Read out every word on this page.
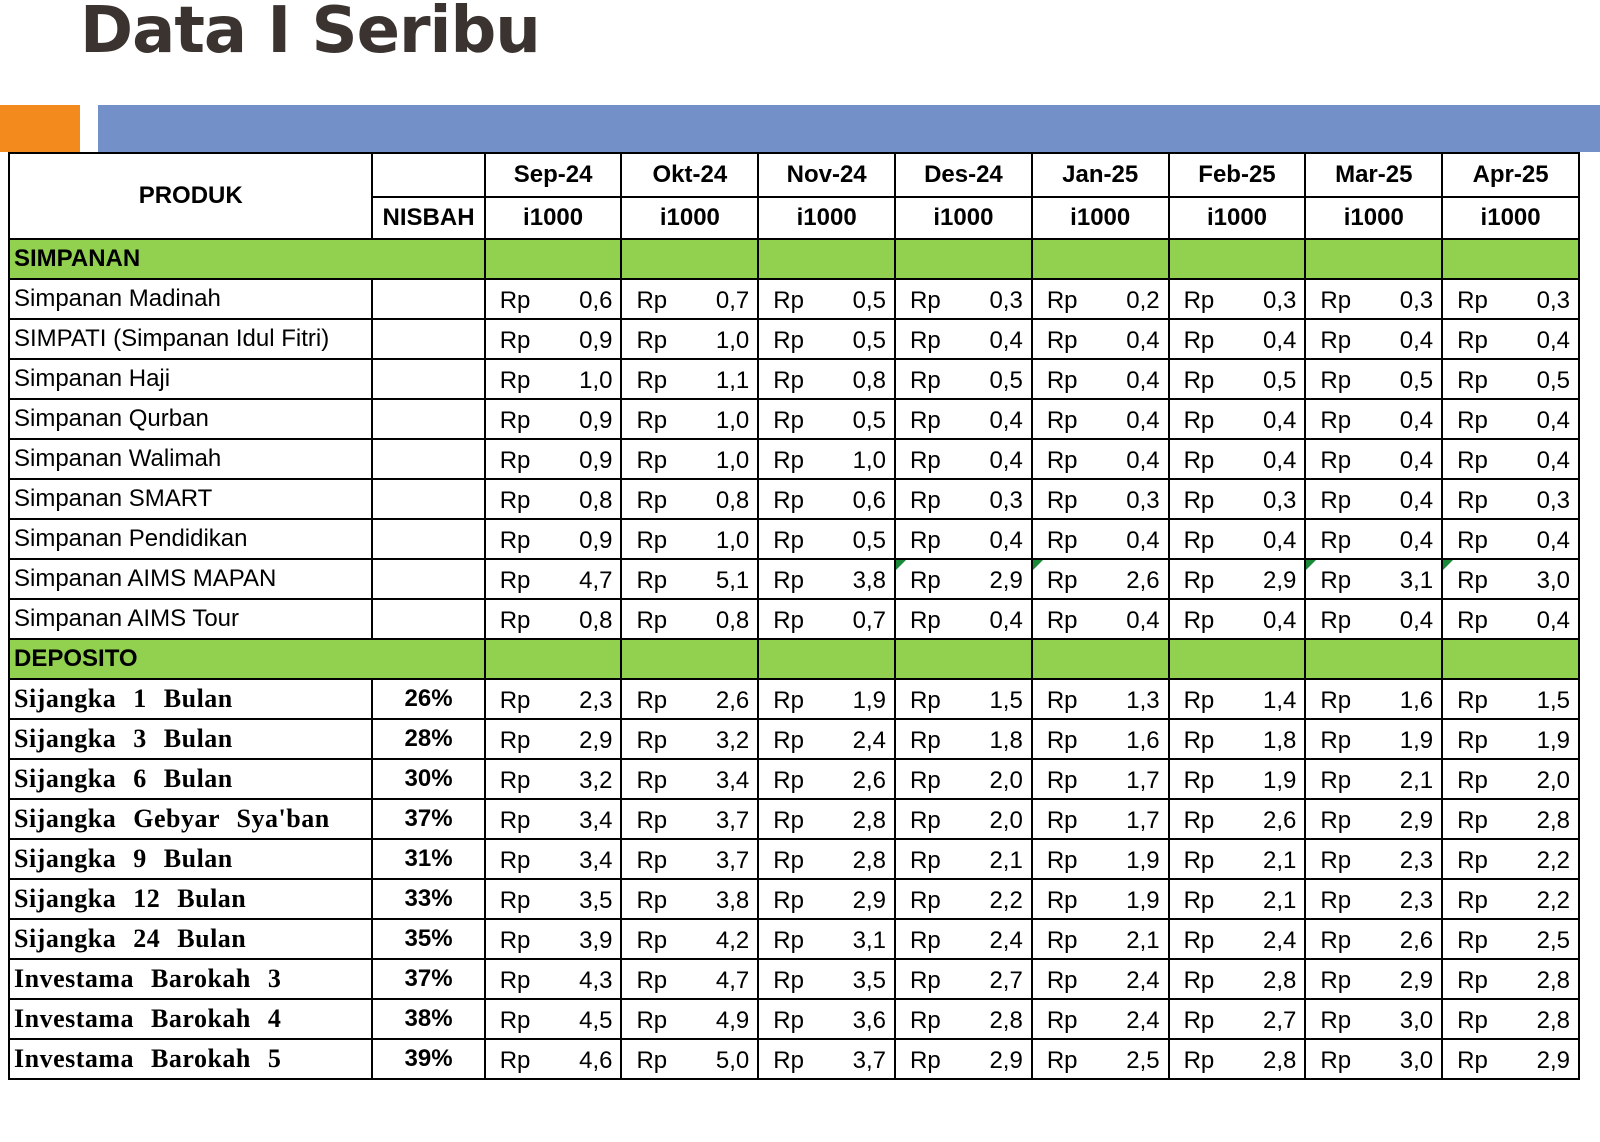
Data I Seribu
PRODUK		Sep-24	Okt-24	Nov-24	Des-24	Jan-25	Feb-25	Mar-25	Apr-25
	NISBAH	i1000	i1000	i1000	i1000	i1000	i1000	i1000	i1000
SIMPANAN									
Simpanan Madinah		Rp 0,6	Rp 0,7	Rp 0,5	Rp 0,3	Rp 0,2	Rp 0,3	Rp 0,3	Rp 0,3

SIMPATI (Simpanan Idul Fitri)		Rp 0,9	Rp 1,0	Rp 0,5	Rp 0,4	Rp 0,4	Rp 0,4	Rp 0,4	Rp 0,4

Simpanan Haji		Rp 1,0	Rp 1,1	Rp 0,8	Rp 0,5	Rp 0,4	Rp 0,5	Rp 0,5	Rp 0,5

Simpanan Qurban		Rp 0,9	Rp 1,0	Rp 0,5	Rp 0,4	Rp 0,4	Rp 0,4	Rp 0,4	Rp 0,4

Simpanan Walimah		Rp 0,9	Rp 1,0	Rp 1,0	Rp 0,4	Rp 0,4	Rp 0,4	Rp 0,4	Rp 0,4

Simpanan SMART		Rp 0,8	Rp 0,8	Rp 0,6	Rp 0,3	Rp 0,3	Rp 0,3	Rp 0,4	Rp 0,3

Simpanan Pendidikan		Rp 0,9	Rp 1,0	Rp 0,5	Rp 0,4	Rp 0,4	Rp 0,4	Rp 0,4	Rp 0,4

Simpanan AIMS MAPAN		Rp 4,7	Rp 5,1	Rp 3,8	Rp 2,9	Rp 2,6	Rp 2,9	Rp 3,1	Rp 3,0

Simpanan AIMS Tour		Rp 0,8	Rp 0,8	Rp 0,7	Rp 0,4	Rp 0,4	Rp 0,4	Rp 0,4	Rp 0,4

DEPOSITO									
Sijangka 1 Bulan	26%	Rp 2,3	Rp 2,6	Rp 1,9	Rp 1,5	Rp 1,3	Rp 1,4	Rp 1,6	Rp 1,5

Sijangka 3 Bulan	28%	Rp 2,9	Rp 3,2	Rp 2,4	Rp 1,8	Rp 1,6	Rp 1,8	Rp 1,9	Rp 1,9

Sijangka 6 Bulan	30%	Rp 3,2	Rp 3,4	Rp 2,6	Rp 2,0	Rp 1,7	Rp 1,9	Rp 2,1	Rp 2,0

Sijangka Gebyar Sya'ban	37%	Rp 3,4	Rp 3,7	Rp 2,8	Rp 2,0	Rp 1,7	Rp 2,6	Rp 2,9	Rp 2,8

Sijangka 9 Bulan	31%	Rp 3,4	Rp 3,7	Rp 2,8	Rp 2,1	Rp 1,9	Rp 2,1	Rp 2,3	Rp 2,2

Sijangka 12 Bulan	33%	Rp 3,5	Rp 3,8	Rp 2,9	Rp 2,2	Rp 1,9	Rp 2,1	Rp 2,3	Rp 2,2

Sijangka 24 Bulan	35%	Rp 3,9	Rp 4,2	Rp 3,1	Rp 2,4	Rp 2,1	Rp 2,4	Rp 2,6	Rp 2,5

Investama Barokah 3	37%	Rp 4,3	Rp 4,7	Rp 3,5	Rp 2,7	Rp 2,4	Rp 2,8	Rp 2,9	Rp 2,8

Investama Barokah 4	38%	Rp 4,5	Rp 4,9	Rp 3,6	Rp 2,8	Rp 2,4	Rp 2,7	Rp 3,0	Rp 2,8

Investama Barokah 5	39%	Rp 4,6	Rp 5,0	Rp 3,7	Rp 2,9	Rp 2,5	Rp 2,8	Rp 3,0	Rp 2,9
